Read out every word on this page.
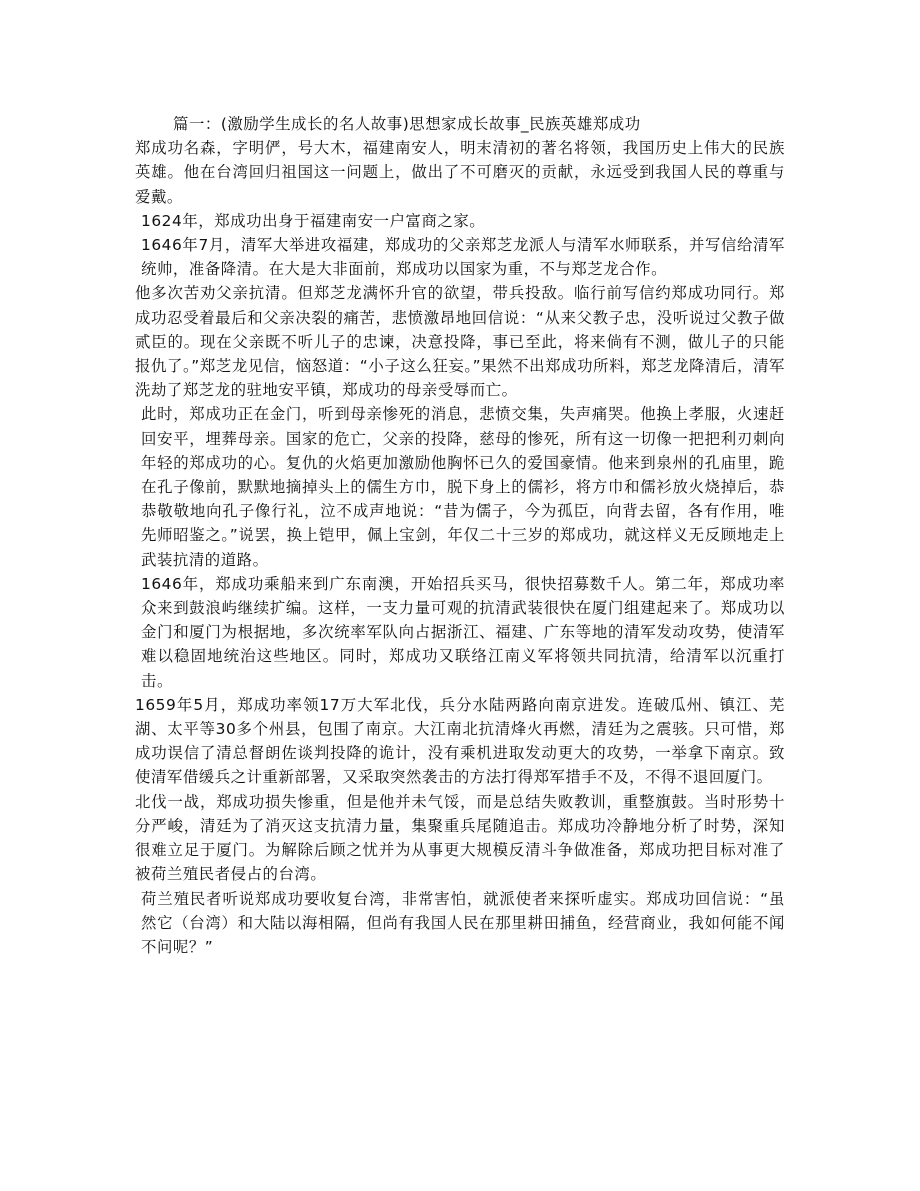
篇一：(激励学生成长的名人故事)思想家成长故事_民族英雄郑成功

郑成功名森，字明俨，号大木，福建南安人，明末清初的著名将领，我国历史上伟大的民族英雄。他在台湾回归祖国这一问题上，做出了不可磨灭的贡献，永远受到我国人民的尊重与爱戴。

1624年，郑成功出身于福建南安一户富商之家。

1646年7月，清军大举进攻福建，郑成功的父亲郑芝龙派人与清军水师联系，并写信给清军统帅，准备降清。在大是大非面前，郑成功以国家为重，不与郑芝龙合作。

他多次苦劝父亲抗清。但郑芝龙满怀升官的欲望，带兵投敌。临行前写信约郑成功同行。郑成功忍受着最后和父亲决裂的痛苦，悲愤激昂地回信说：“从来父教子忠，没听说过父教子做贰臣的。现在父亲既不听儿子的忠谏，决意投降，事已至此，将来倘有不测，做儿子的只能报仇了。”郑芝龙见信，恼怒道：“小子这么狂妄。”果然不出郑成功所料，郑芝龙降清后，清军洗劫了郑芝龙的驻地安平镇，郑成功的母亲受辱而亡。

此时，郑成功正在金门，听到母亲惨死的消息，悲愤交集，失声痛哭。他换上孝服，火速赶回安平，埋葬母亲。国家的危亡，父亲的投降，慈母的惨死，所有这一切像一把把利刃刺向年轻的郑成功的心。复仇的火焰更加激励他胸怀已久的爱国豪情。他来到泉州的孔庙里，跪在孔子像前，默默地摘掉头上的儒生方巾，脱下身上的儒衫，将方巾和儒衫放火烧掉后，恭恭敬敬地向孔子像行礼，泣不成声地说：“昔为儒子，今为孤臣，向背去留，各有作用，唯先师昭鉴之。”说罢，换上铠甲，佩上宝剑，年仅二十三岁的郑成功，就这样义无反顾地走上武装抗清的道路。

1646年，郑成功乘船来到广东南澳，开始招兵买马，很快招募数千人。第二年，郑成功率众来到鼓浪屿继续扩编。这样，一支力量可观的抗清武装很快在厦门组建起来了。郑成功以金门和厦门为根据地，多次统率军队向占据浙江、福建、广东等地的清军发动攻势，使清军难以稳固地统治这些地区。同时，郑成功又联络江南义军将领共同抗清，给清军以沉重打击。

1659年5月，郑成功率领17万大军北伐，兵分水陆两路向南京进发。连破瓜州、镇江、芜湖、太平等30多个州县，包围了南京。大江南北抗清烽火再燃，清廷为之震骇。只可惜，郑成功误信了清总督朗佐谈判投降的诡计，没有乘机进取发动更大的攻势，一举拿下南京。致使清军借缓兵之计重新部署，又采取突然袭击的方法打得郑军措手不及，不得不退回厦门。

北伐一战，郑成功损失惨重，但是他并未气馁，而是总结失败教训，重整旗鼓。当时形势十分严峻，清廷为了消灭这支抗清力量，集聚重兵尾随追击。郑成功冷静地分析了时势，深知很难立足于厦门。为解除后顾之忧并为从事更大规模反清斗争做准备，郑成功把目标对准了被荷兰殖民者侵占的台湾。

荷兰殖民者听说郑成功要收复台湾，非常害怕，就派使者来探听虚实。郑成功回信说：“虽然它（台湾）和大陆以海相隔，但尚有我国人民在那里耕田捕鱼，经营商业，我如何能不闻不问呢？”
